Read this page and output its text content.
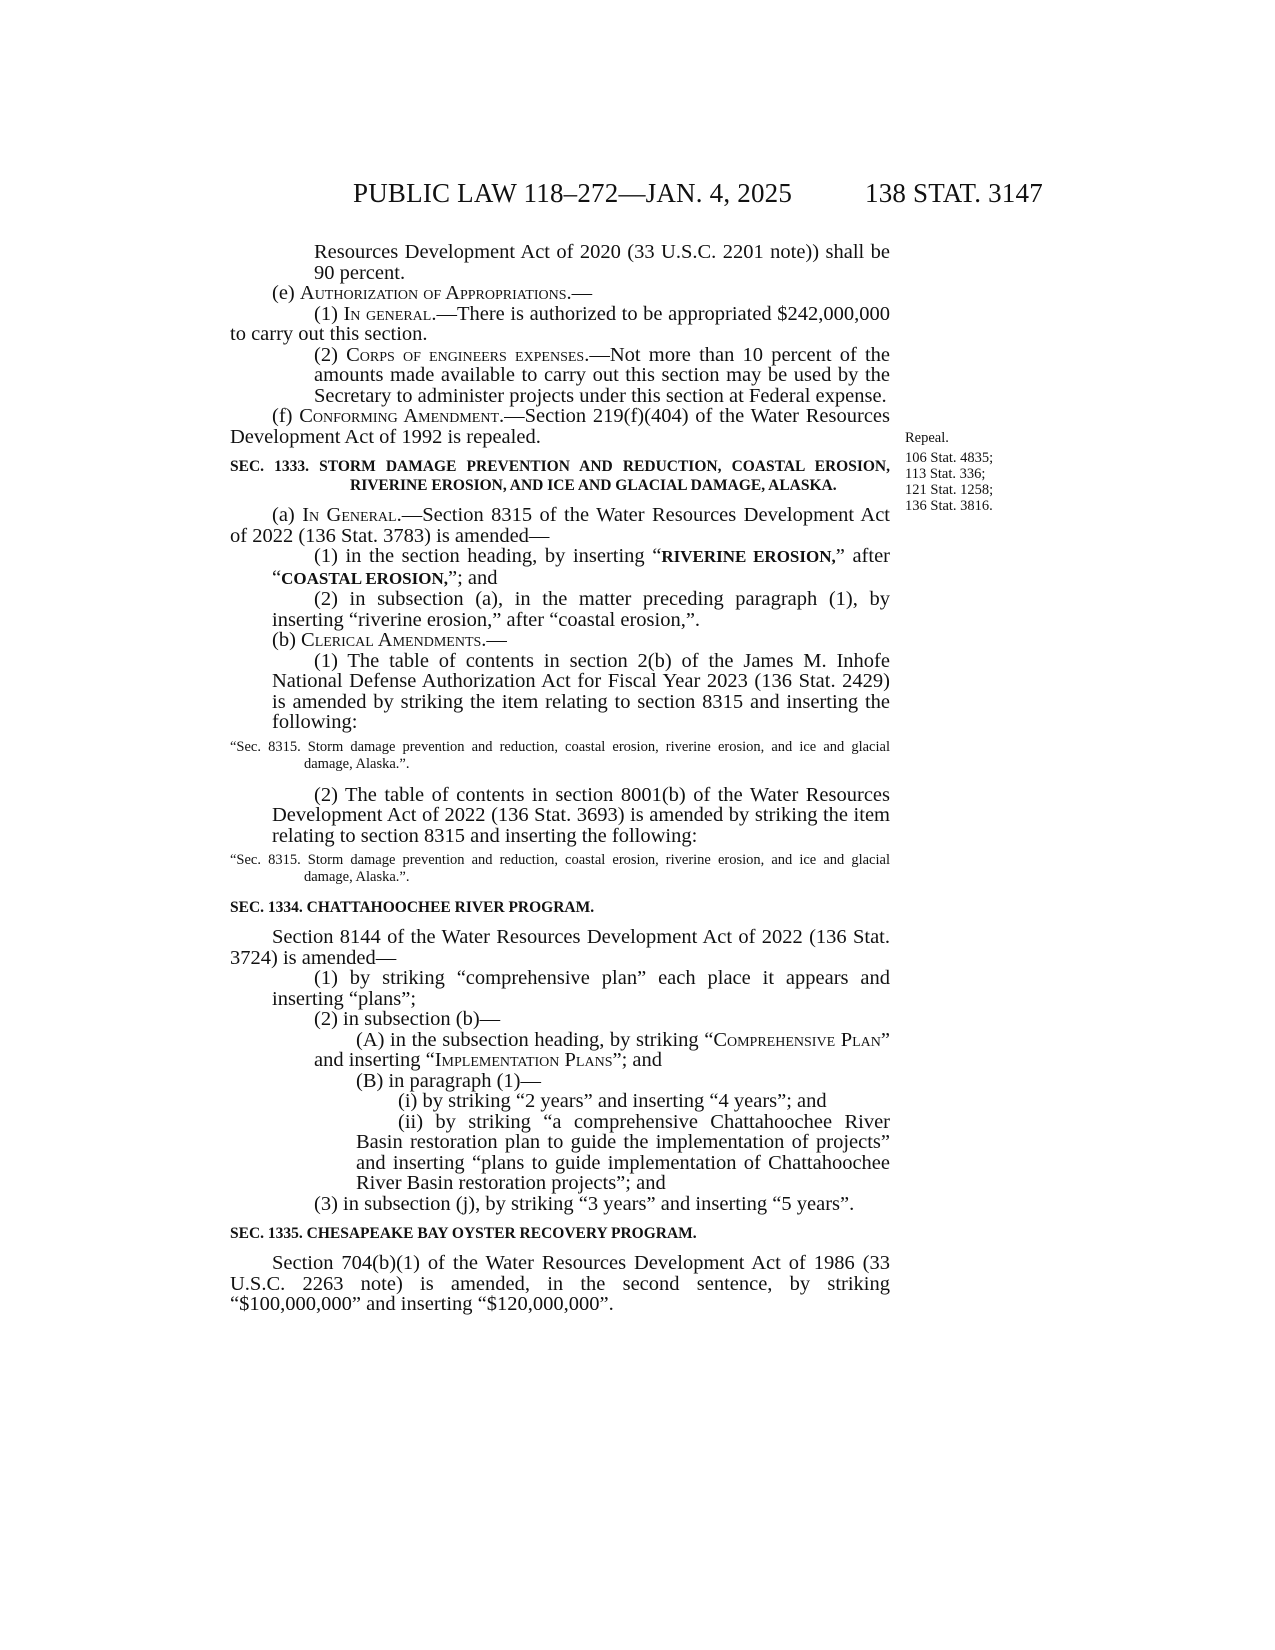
PUBLIC LAW 118–272—JAN. 4, 2025	138 STAT. 3147
Repeal.
106 Stat. 4835;
113 Stat. 336;
121 Stat. 1258;
136 Stat. 3816.

Resources Development Act of 2020 (33 U.S.C. 2201 note)) shall be 90 percent.

(e) Authorization of Appropriations.—

(1) In general.—There is authorized to be appropriated $242,000,000 to carry out this section.

(2) Corps of engineers expenses.—Not more than 10 percent of the amounts made available to carry out this section may be used by the Secretary to administer projects under this section at Federal expense.

(f) Conforming Amendment.—Section 219(f)(404) of the Water Resources Development Act of 1992 is repealed.

SEC. 1333. STORM DAMAGE PREVENTION AND REDUCTION, COASTAL EROSION, RIVERINE EROSION, AND ICE AND GLACIAL DAMAGE, ALASKA.

(a) In General.—Section 8315 of the Water Resources Development Act of 2022 (136 Stat. 3783) is amended—

(1) in the section heading, by inserting “RIVERINE EROSION,” after “COASTAL EROSION,”; and

(2) in subsection (a), in the matter preceding paragraph (1), by inserting “riverine erosion,” after “coastal erosion,”.

(b) Clerical Amendments.—

(1) The table of contents in section 2(b) of the James M. Inhofe National Defense Authorization Act for Fiscal Year 2023 (136 Stat. 2429) is amended by striking the item relating to section 8315 and inserting the following:

“Sec. 8315. Storm damage prevention and reduction, coastal erosion, riverine erosion, and ice and glacial damage, Alaska.”.

(2) The table of contents in section 8001(b) of the Water Resources Development Act of 2022 (136 Stat. 3693) is amended by striking the item relating to section 8315 and inserting the following:

“Sec. 8315. Storm damage prevention and reduction, coastal erosion, riverine erosion, and ice and glacial damage, Alaska.”.

SEC. 1334. CHATTAHOOCHEE RIVER PROGRAM.

Section 8144 of the Water Resources Development Act of 2022 (136 Stat. 3724) is amended—

(1) by striking “comprehensive plan” each place it appears and inserting “plans”;

(2) in subsection (b)—

(A) in the subsection heading, by striking “Comprehensive Plan” and inserting “Implementation Plans”; and

(B) in paragraph (1)—

(i) by striking “2 years” and inserting “4 years”; and

(ii) by striking “a comprehensive Chattahoochee River Basin restoration plan to guide the implementation of projects” and inserting “plans to guide implementation of Chattahoochee River Basin restoration projects”; and

(3) in subsection (j), by striking “3 years” and inserting “5 years”.

SEC. 1335. CHESAPEAKE BAY OYSTER RECOVERY PROGRAM.

Section 704(b)(1) of the Water Resources Development Act of 1986 (33 U.S.C. 2263 note) is amended, in the second sentence, by striking “$100,000,000” and inserting “$120,000,000”.
